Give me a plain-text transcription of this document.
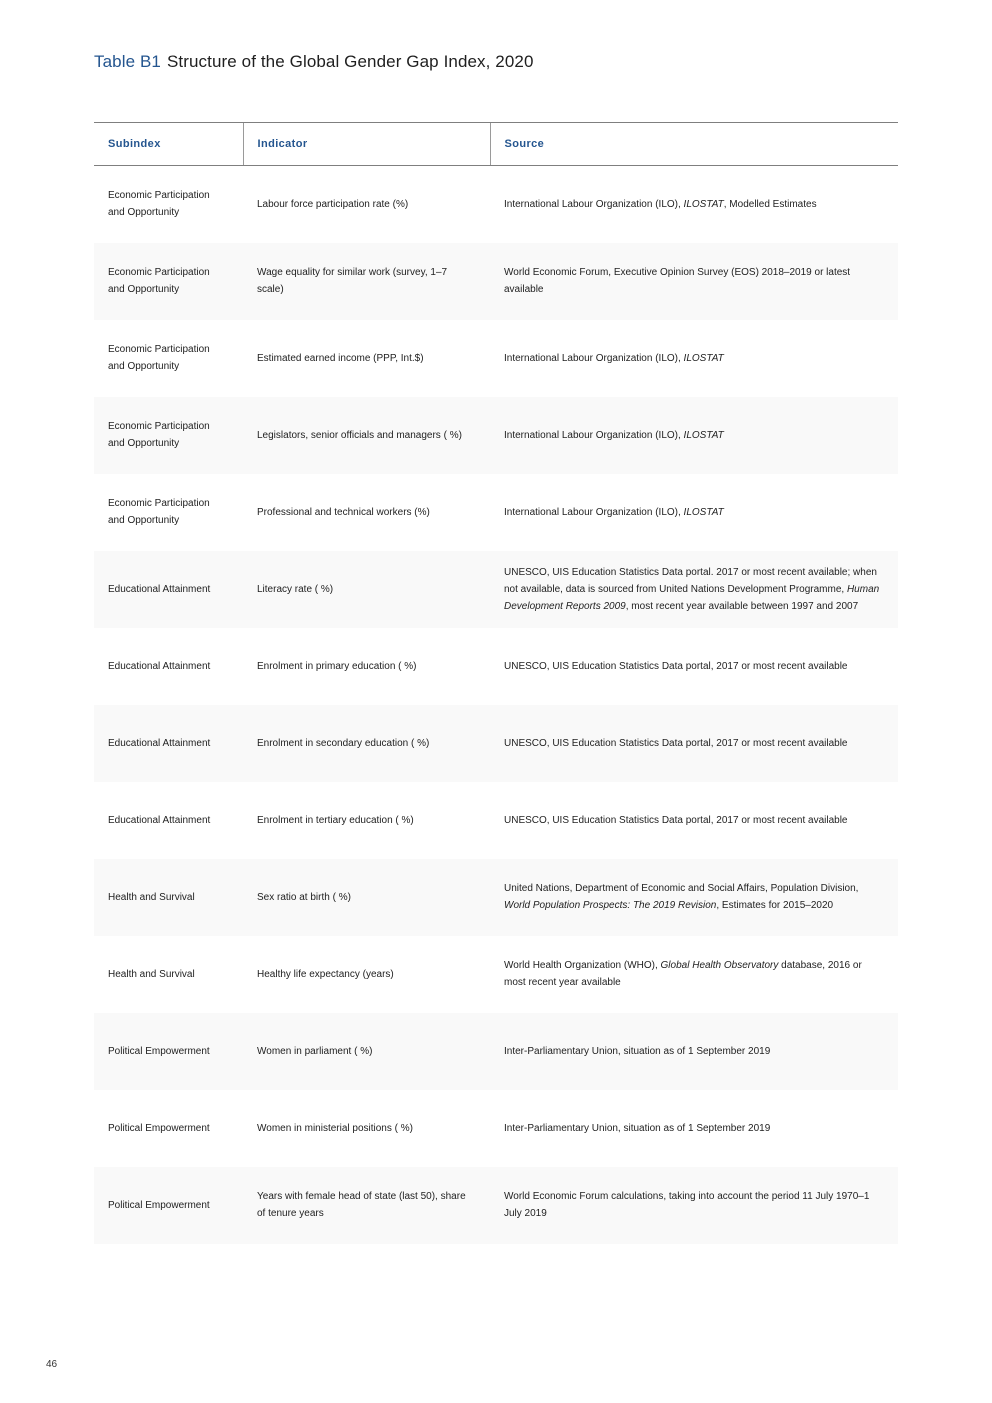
Table B1 Structure of the Global Gender Gap Index, 2020
Subindex	Indicator	Source
Economic Participation and Opportunity	Labour force participation rate (%)	International Labour Organization (ILO), ILOSTAT, Modelled Estimates
Economic Participation and Opportunity	Wage equality for similar work (survey, 1–7 scale)	World Economic Forum, Executive Opinion Survey (EOS) 2018–2019 or latest available
Economic Participation and Opportunity	Estimated earned income (PPP, Int.$)	International Labour Organization (ILO), ILOSTAT
Economic Participation and Opportunity	Legislators, senior officials and managers ( %)	International Labour Organization (ILO), ILOSTAT
Economic Participation and Opportunity	Professional and technical workers (%)	International Labour Organization (ILO), ILOSTAT
Educational Attainment	Literacy rate ( %)	UNESCO, UIS Education Statistics Data portal. 2017 or most recent available; when not available, data is sourced from United Nations Development Programme, Human Development Reports 2009, most recent year available between 1997 and 2007
Educational Attainment	Enrolment in primary education ( %)	UNESCO, UIS Education Statistics Data portal, 2017 or most recent available
Educational Attainment	Enrolment in secondary education ( %)	UNESCO, UIS Education Statistics Data portal, 2017 or most recent available
Educational Attainment	Enrolment in tertiary education ( %)	UNESCO, UIS Education Statistics Data portal, 2017 or most recent available
Health and Survival	Sex ratio at birth ( %)	United Nations, Department of Economic and Social Affairs, Population Division, World Population Prospects: The 2019 Revision, Estimates for 2015–2020
Health and Survival	Healthy life expectancy (years)	World Health Organization (WHO), Global Health Observatory database, 2016 or most recent year available
Political Empowerment	Women in parliament ( %)	Inter-Parliamentary Union, situation as of 1 September 2019
Political Empowerment	Women in ministerial positions ( %)	Inter-Parliamentary Union, situation as of 1 September 2019
Political Empowerment	Years with female head of state (last 50), share of tenure years	World Economic Forum calculations, taking into account the period 11 July 1970–1 July 2019
46
